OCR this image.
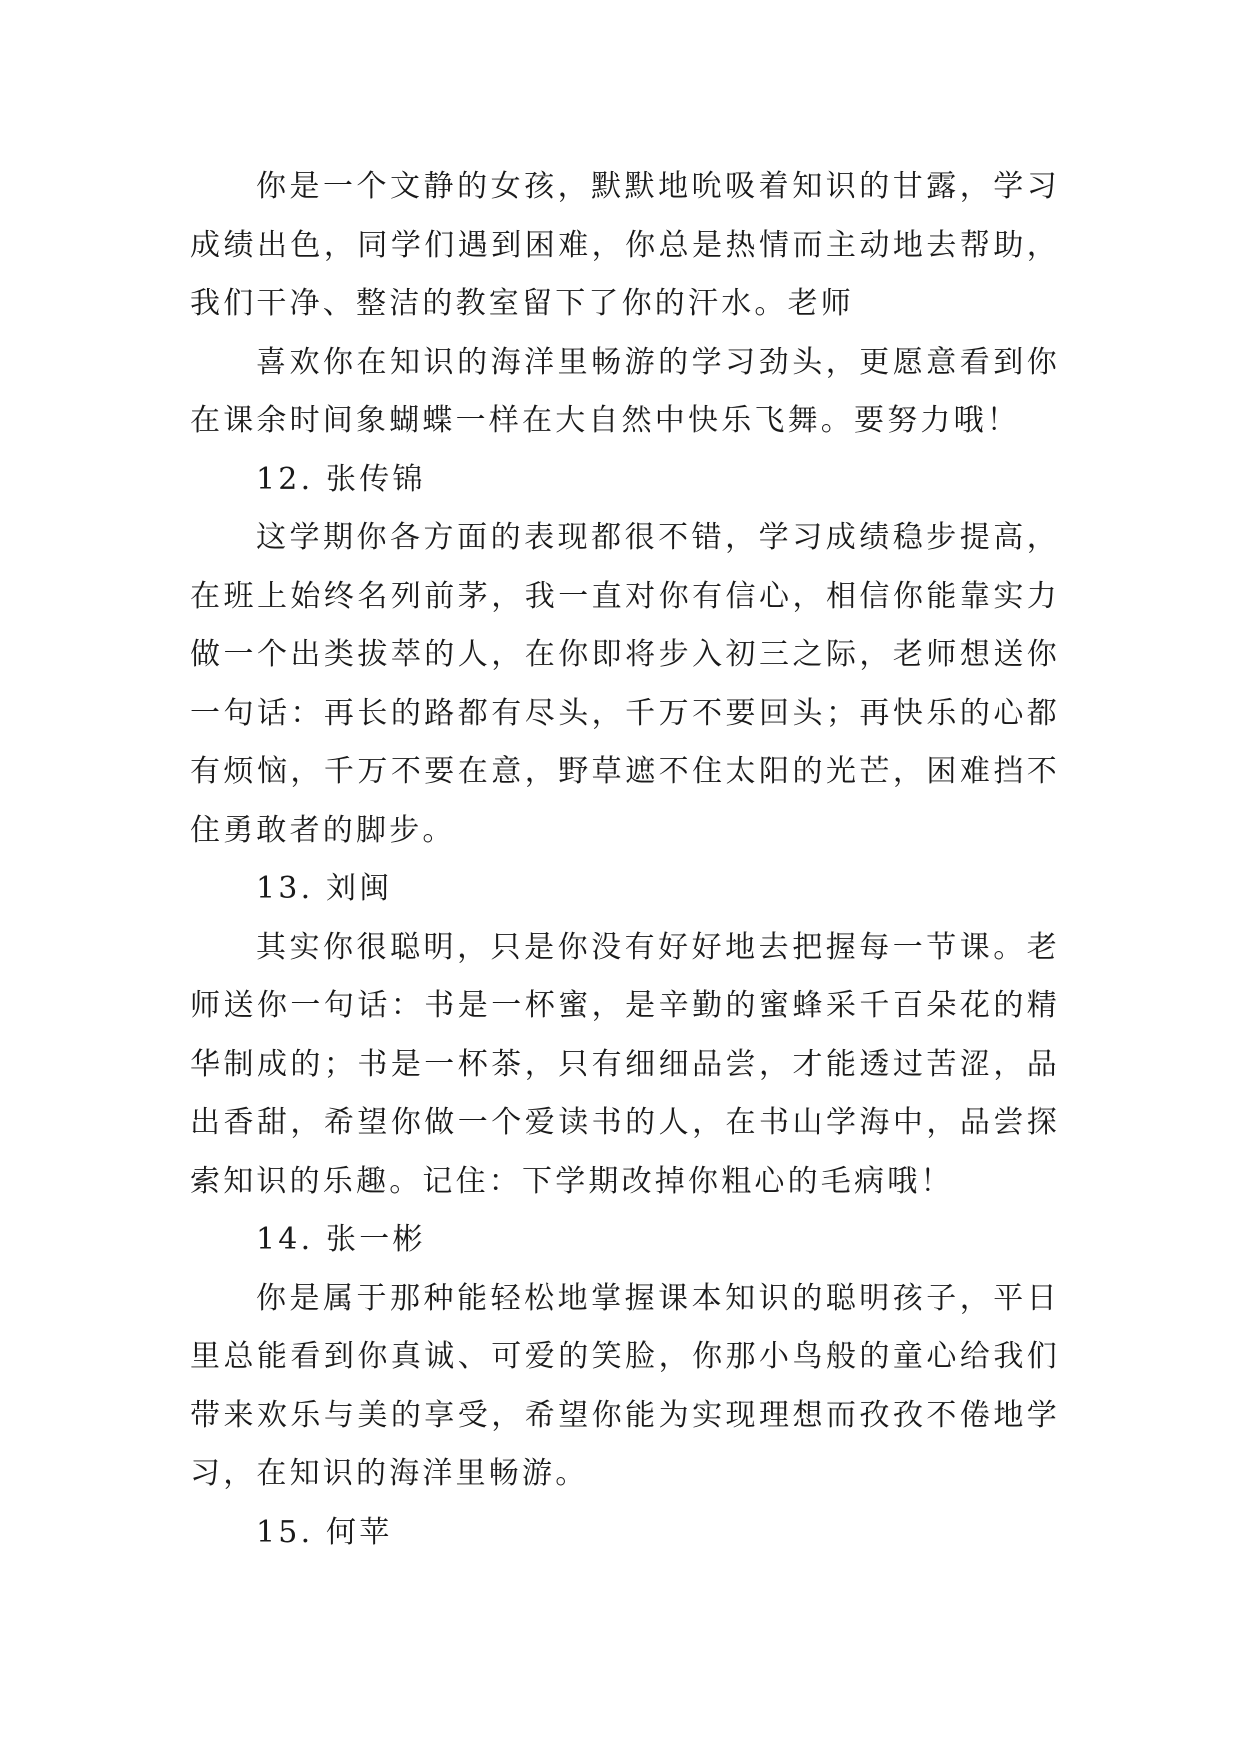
你是一个文静的女孩，默默地吮吸着知识的甘露，学习成绩出色，同学们遇到困难，你总是热情而主动地去帮助，我们干净、整洁的教室留下了你的汗水。老师

喜欢你在知识的海洋里畅游的学习劲头，更愿意看到你在课余时间象蝴蝶一样在大自然中快乐飞舞。要努力哦！

12. 张传锦

这学期你各方面的表现都很不错，学习成绩稳步提高，在班上始终名列前茅，我一直对你有信心，相信你能靠实力做一个出类拔萃的人，在你即将步入初三之际，老师想送你一句话：再长的路都有尽头，千万不要回头；再快乐的心都有烦恼，千万不要在意，野草遮不住太阳的光芒，困难挡不住勇敢者的脚步。

13. 刘闽

其实你很聪明，只是你没有好好地去把握每一节课。老师送你一句话：书是一杯蜜，是辛勤的蜜蜂采千百朵花的精华制成的；书是一杯茶，只有细细品尝，才能透过苦涩，品出香甜，希望你做一个爱读书的人，在书山学海中，品尝探索知识的乐趣。记住：下学期改掉你粗心的毛病哦！

14. 张一彬

你是属于那种能轻松地掌握课本知识的聪明孩子，平日里总能看到你真诚、可爱的笑脸，你那小鸟般的童心给我们带来欢乐与美的享受，希望你能为实现理想而孜孜不倦地学习，在知识的海洋里畅游。

15. 何苹
